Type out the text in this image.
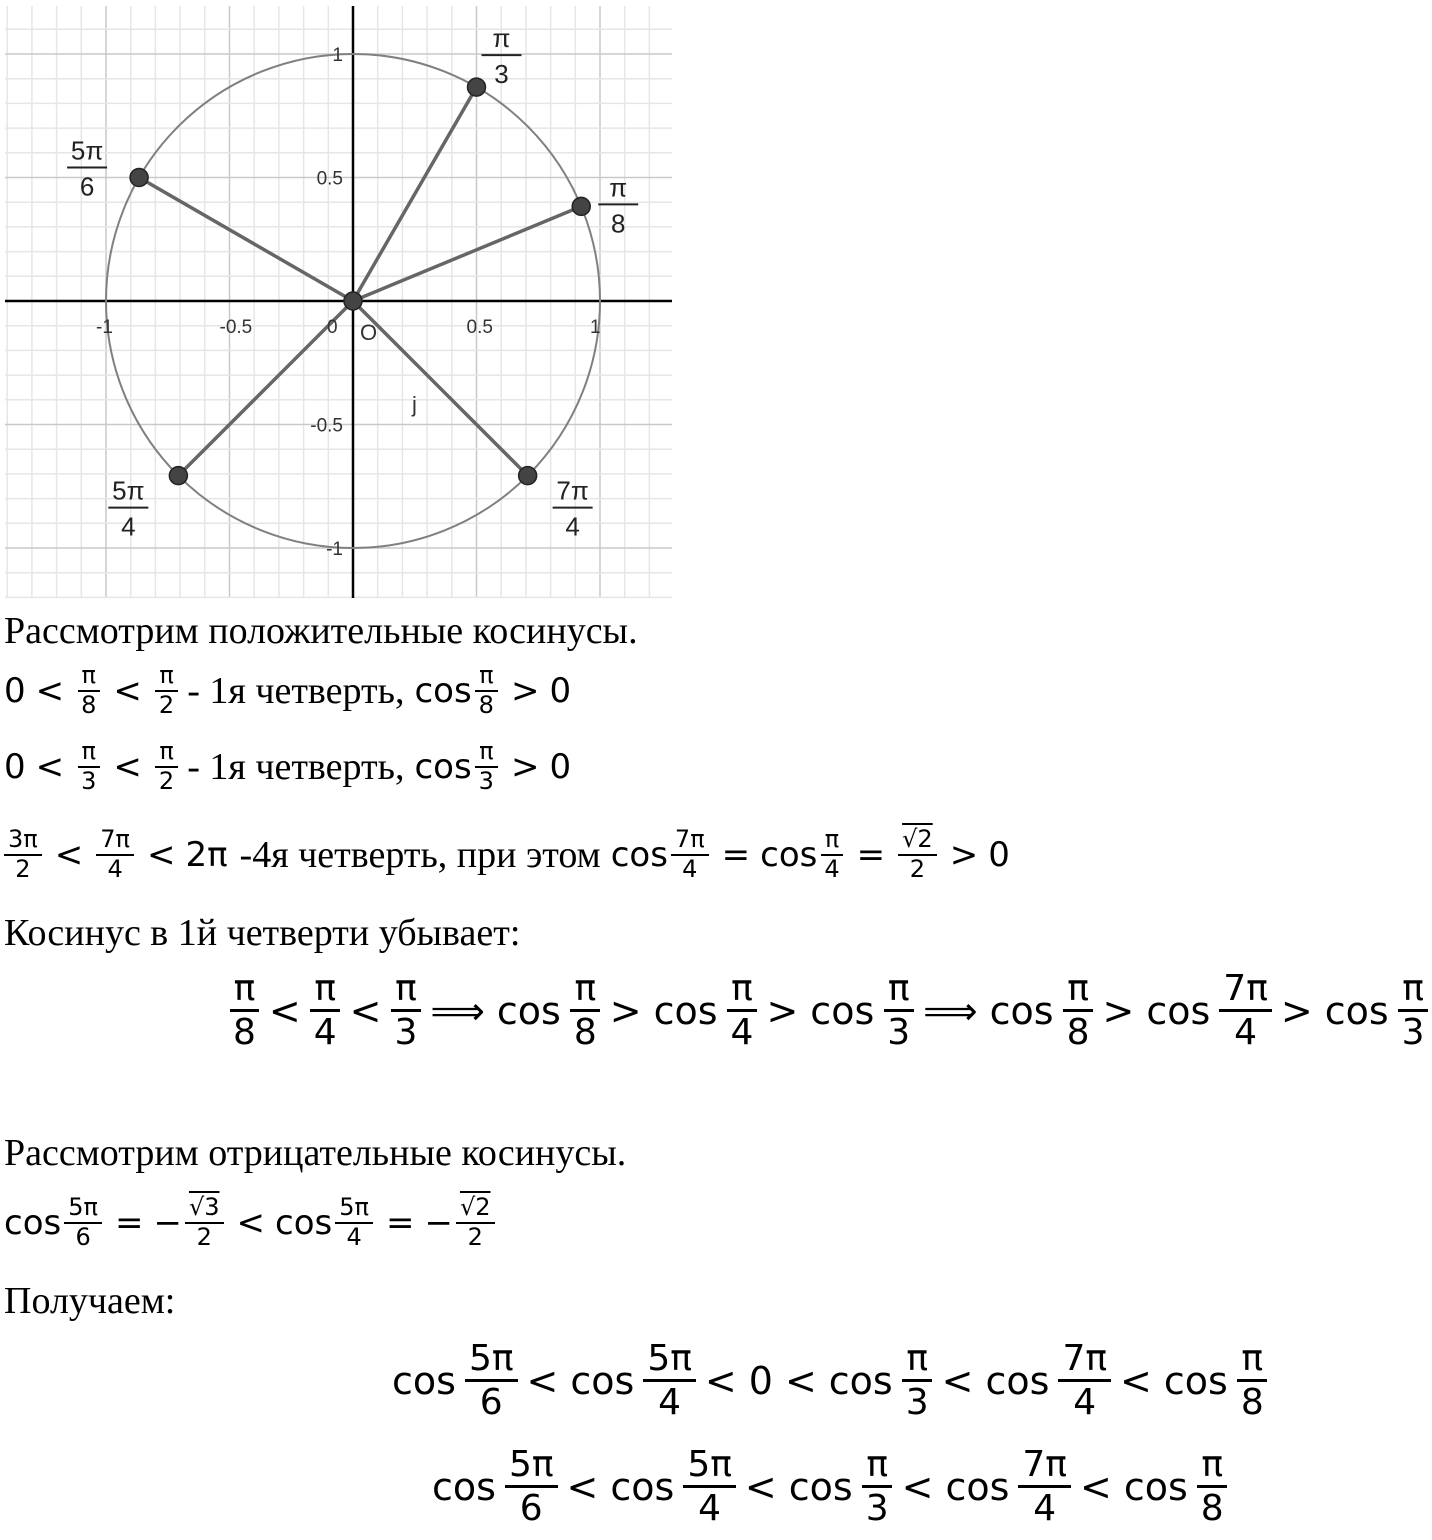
-1	-0.5	0	0.5	1
1
0.5
-0.5
-1
O
j
π
3
π
8
5π
6
5π
4
7π
4
Рассмотрим положительные косинусы.
$0 < \frac{\pi}{8} < \frac{\pi}{2} - 1я$ четверть, $\cos \frac{\pi}{8} > 0$
$0 < \frac{\pi}{3} < \frac{\pi}{2} - 1я$ четверть, $\cos \frac{\pi}{3} > 0$
$\frac{3\pi}{2} < \frac{7\pi}{4} < 2\pi$ -4я четверть, при этом $\cos \frac{7\pi}{4} = \cos \frac{\pi}{4} = \frac{√2}{2} > 0$
Косинус в 1й четверти убывает:
$\frac{\pi}{8} < \frac{\pi}{4} < \frac{\pi}{3}$ ⟹ $\cos \frac{\pi}{8} > \cos \frac{\pi}{4} > \cos \frac{\pi}{3}$ ⟹ $\cos \frac{\pi}{8} > \cos \frac{7\pi}{4} > \cos \frac{\pi}{3}$
Рассмотрим отрицательные косинусы.
$\cos \frac{5\pi}{6}$ = − $\frac{√3}{2} < \cos \frac{5\pi}{4}$ = − $\frac{√2}{2}$
Получаем:
$\cos \frac{5\pi}{6} < \cos \frac{5\pi}{4} < 0 < \cos \frac{\pi}{3} < \cos \frac{7\pi}{4} < \cos \frac{\pi}{8}$
$\cos \frac{5\pi}{6} < \cos \frac{5\pi}{4} < \cos \frac{\pi}{3} < \cos \frac{7\pi}{4} < \cos \frac{\pi}{8}$
